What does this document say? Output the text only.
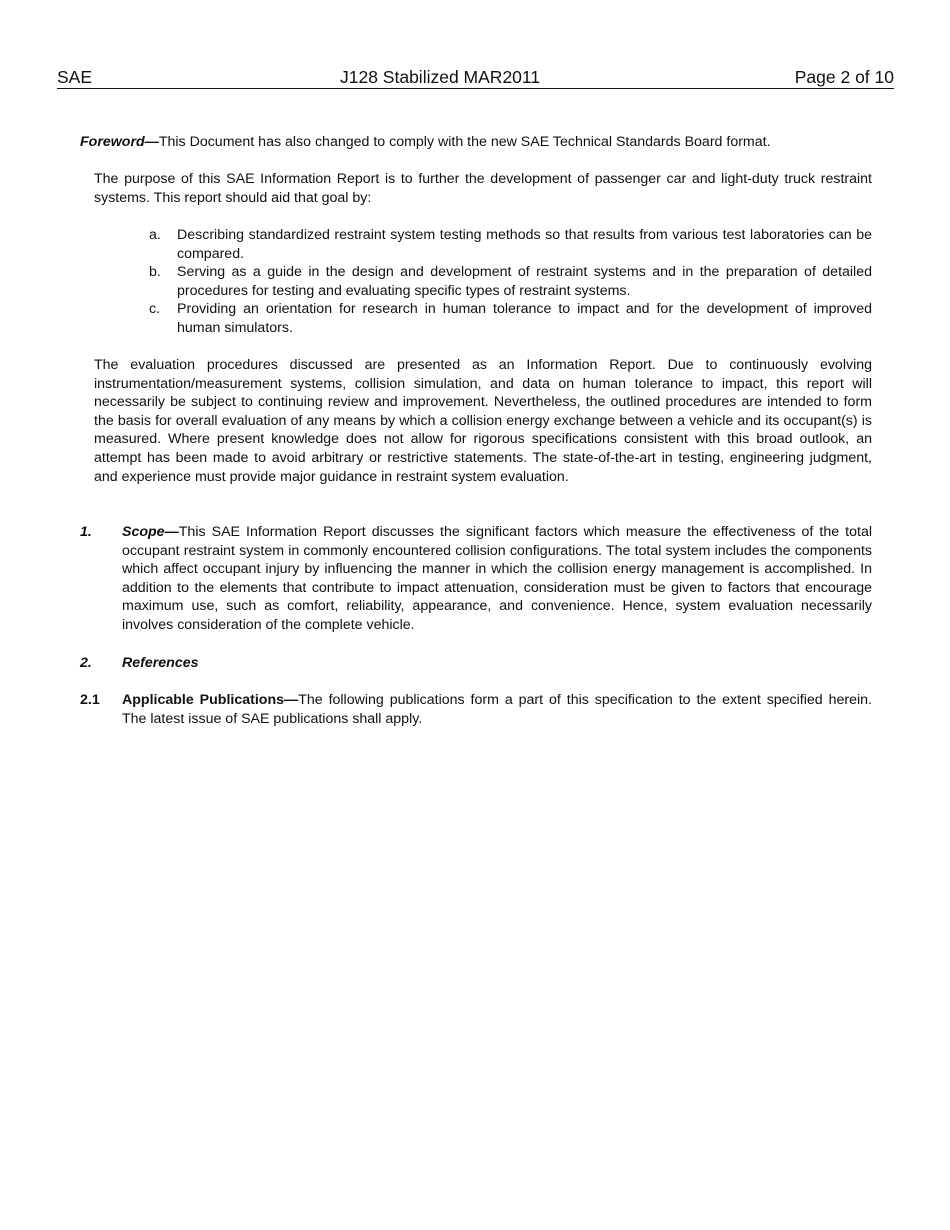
SAE	J128 Stabilized MAR2011	Page 2 of 10
Foreword—This Document has also changed to comply with the new SAE Technical Standards Board format.
The purpose of this SAE Information Report is to further the development of passenger car and light-duty truck restraint systems. This report should aid that goal by:
a. Describing standardized restraint system testing methods so that results from various test laboratories can be compared.
b. Serving as a guide in the design and development of restraint systems and in the preparation of detailed procedures for testing and evaluating specific types of restraint systems.
c. Providing an orientation for research in human tolerance to impact and for the development of improved human simulators.
The evaluation procedures discussed are presented as an Information Report. Due to continuously evolving instrumentation/measurement systems, collision simulation, and data on human tolerance to impact, this report will necessarily be subject to continuing review and improvement. Nevertheless, the outlined procedures are intended to form the basis for overall evaluation of any means by which a collision energy exchange between a vehicle and its occupant(s) is measured. Where present knowledge does not allow for rigorous specifications consistent with this broad outlook, an attempt has been made to avoid arbitrary or restrictive statements. The state-of-the-art in testing, engineering judgment, and experience must provide major guidance in restraint system evaluation.
1. Scope—This SAE Information Report discusses the significant factors which measure the effectiveness of the total occupant restraint system in commonly encountered collision configurations. The total system includes the components which affect occupant injury by influencing the manner in which the collision energy management is accomplished. In addition to the elements that contribute to impact attenuation, consideration must be given to factors that encourage maximum use, such as comfort, reliability, appearance, and convenience. Hence, system evaluation necessarily involves consideration of the complete vehicle.
2. References
2.1 Applicable Publications—The following publications form a part of this specification to the extent specified herein. The latest issue of SAE publications shall apply.
